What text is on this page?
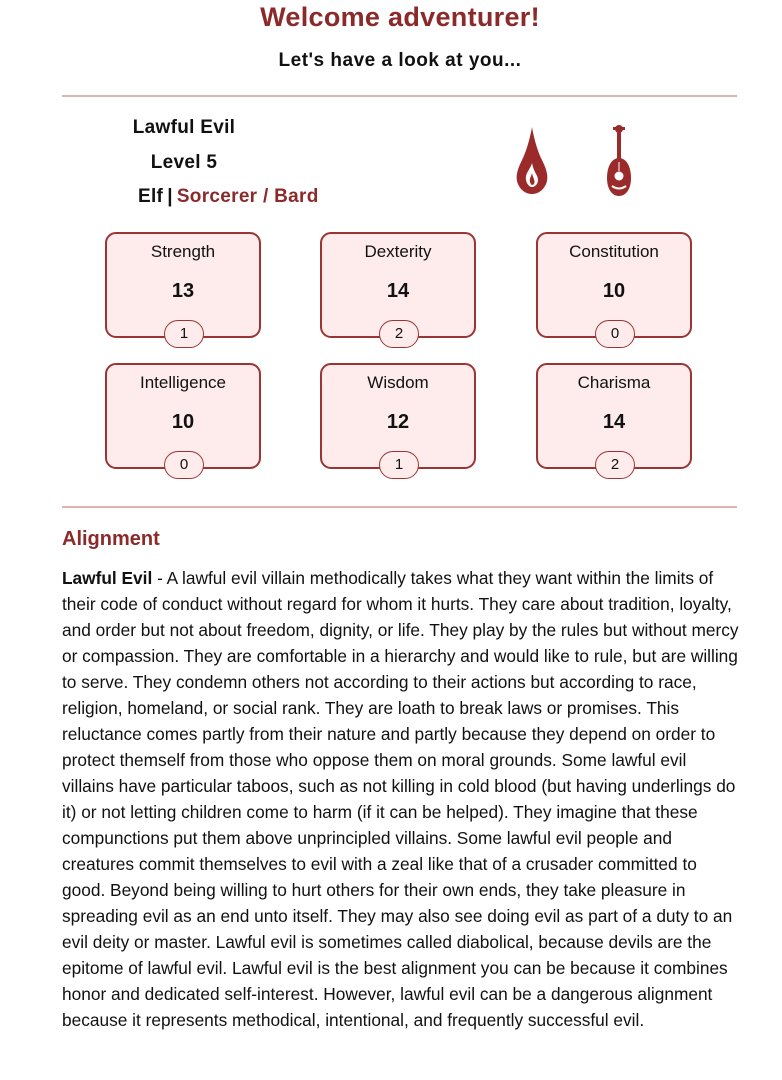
Welcome adventurer!
Let's have a look at you...
Lawful Evil
Level 5
Elf | Sorcerer / Bard
Strength
13
1
Dexterity
14
2
Constitution
10
0
Intelligence
10
0
Wisdom
12
1
Charisma
14
2
Alignment
Lawful Evil - A lawful evil villain methodically takes what they want within the limits of their code of conduct without regard for whom it hurts. They care about tradition, loyalty, and order but not about freedom, dignity, or life. They play by the rules but without mercy or compassion. They are comfortable in a hierarchy and would like to rule, but are willing to serve. They condemn others not according to their actions but according to race, religion, homeland, or social rank. They are loath to break laws or promises. This reluctance comes partly from their nature and partly because they depend on order to protect themself from those who oppose them on moral grounds. Some lawful evil villains have particular taboos, such as not killing in cold blood (but having underlings do it) or not letting children come to harm (if it can be helped). They imagine that these compunctions put them above unprincipled villains. Some lawful evil people and creatures commit themselves to evil with a zeal like that of a crusader committed to good. Beyond being willing to hurt others for their own ends, they take pleasure in spreading evil as an end unto itself. They may also see doing evil as part of a duty to an evil deity or master. Lawful evil is sometimes called diabolical, because devils are the epitome of lawful evil. Lawful evil is the best alignment you can be because it combines honor and dedicated self-interest. However, lawful evil can be a dangerous alignment because it represents methodical, intentional, and frequently successful evil.
